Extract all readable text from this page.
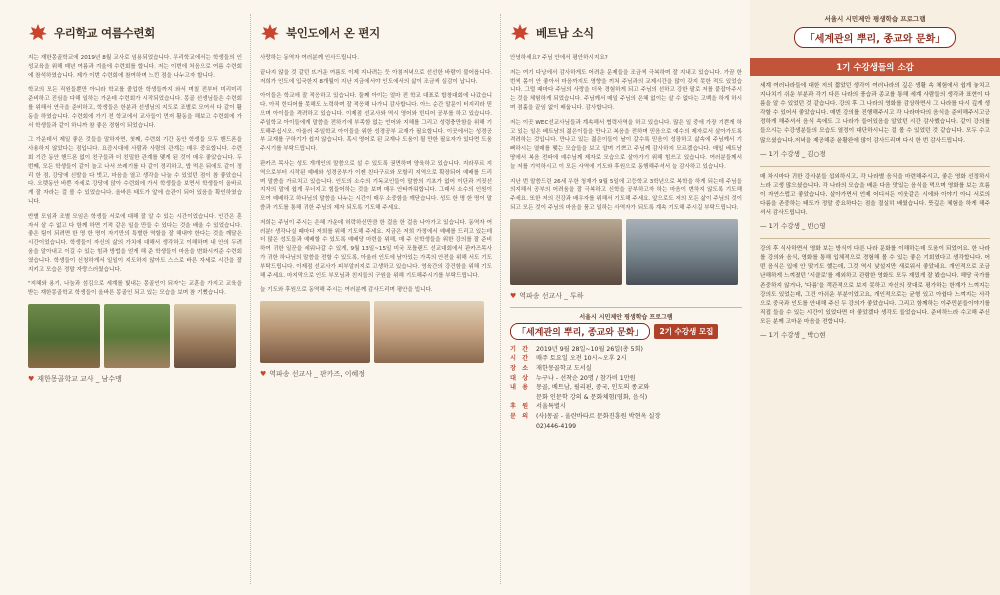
우리학교 여름수련회

지는 재한몽골학교에 2019년 8월 교사로 임용되었습니다. 우리학교에서는 학생들의 인성교육을 위해 매년 여름과 겨울에 수련회를 합니다. 저는 이번에 처음으로 여름 수련회에 참석하였습니다. 제가 이번 수련회에 참여하며 느낀 점을 나누고자 합니다.

학교의 모든 직원들뿐만 아니라 학교를 졸업한 학생들까지 와서 며칠 전부터 미리미리 준비하고 진심을 다해 일하는 가운데 수련회가 시작되었습니다. 몽골 선생님들은 수련회를 위해서 연극을 준비하고, 학생들은 한분과 선생님의 지도로 조별로 모여서 다 같이 활동을 하였습니다. 수련회에 가기 전 학교에서 교사들이 먼저 활동을 해보고 수련회에 가서 학생들과 같이 하니까 참 좋은 경험이 되었습니다.

그 가운데서 제일 좋은 것들을 말하자면, 첫째, 수련회 기간 동안 학생들 모두 핸드폰을 사용하지 않았다는 점입니다. 요즘시대에 사람과 사람의 관계는 매우 중요합니다. 수련회 기간 동안 핸드폰 없이 친구들과 더 친밀한 관계를 맺게 된 것이 매우 좋았습니다. 두 번째, 모든 학생들이 같이 놀고 나서 쓰레기를 다 같이 정리하고, 밥 먹은 뒤에도 같이 정리 한 점, 강당에 신발을 다 벗고, 마음을 열고 생각을 나눌 수 있었던 점이 참 좋았습니다. 오랫동안 바쁜 자세로 강당에 앉아 수련회에 가서 학생들을 보면서 학생들이 올바르게 잘 자라는 걸 볼 수 있었습니다. 올바른 태도가 앞에 습관이 되어 있음을 확인하였습니다.

반별 모임과 조별 모임은 학생들 서로에 대해 잘 알 수 있는 시간이었습니다. 인간은 혼자서 살 수 없고 다 함께 하면 기적 같은 일을 만들 수 있다는 것을 배울 수 있었습니다. 좋은 팀이 되려면 한 명 한 명이 자기만의 특별한 역할을 잘 해내야 한다는 것을 깨달은 시간이었습니다. 학생들이 자신의 삶의 가치에 대해서 생각하고 이해하며 내 안의 두려움을 알아내고 이길 수 있는 힘과 방법을 얻게 해 준 학생들이 마음을 변화시켜준 수련회였습니다. 학생들이 신청하게서 일일이 지도하지 않아도 스스로 바른 자세로 시간을 잘 지키고 모습은 정말 자랑스러웠습니다.

"지혜와 용기, 나눔과 섬김으로 세계를 빛내는 몽골인이 되자"는 교훈을 가지고 교육을 받는 재한몽골학교 학생들이 올바른 몽골인 되고 있는 모습을 보며 참 기뻤습니다.

♥ 재한몽골학교 교사 _ 남수맹
북인도에서 온 편지

사랑하는 동역자 여러분께 인사드립니다.

끝나지 않을 것 같던 뜨거운 여름도 이제 지나려는 듯 아침저녁으로 선선한 바람이 불어옵니다. 저희가 인도에 입국한지 8개월이 지난 지금에서야 인도에서의 삶이 조금씩 실감이 납니다.

아이들은 학교에 잘 적응하고 있습니다. 둘째 아이는 얼마 전 학교 대표로 합창대회에 나갔습니다. 아직 힌디어를 못해도 노력하며 잘 적응해 나가니 감사합니다. 아느 순간 말문이 터지리라 믿으며 아이들을 격려하고 있습니다. 이제점 선교사와 역시 영어와 힌디어 공부를 하고 있습니다. 주일학교 아이들에게 말씀을 전하기에 부족함 없는 언어와 지혜를 그리고 성령충만함을 위해 기도해주십시오. 아울러 주일학교 아이들을 위한 성경공부 교재가 필요합니다. 이곳에서는 성경공부 교재를 구하기가 쉽지 않습니다. 혹시 영어로 된 교재나 도움이 될 만한 필요자가 있다면 도움주시기를 부탁드립니다.

판카즈 목사는 성도 개개인의 말씀으로 설 수 있도록 권면하며 양육하고 있습니다. 지라푸르 지역으로부터 시작된 예배와 성경공부가 이젠 친다구르와 모할리 지역으로 확장되어 예배를 드리며 말씀을 가르치고 있습니다. 인도의 소수의 기독교인들이 말씀의 기초가 없어 이단과 거짓선지자의 말에 쉽게 무너지고 힘들어하는 것을 보며 매우 안타까워합니다. 그래서 소수의 인원이 모여 예배하고 하나님의 말씀을 나누는 시간이 매우 소중함을 깨닫습니다. 성도 한 명 한 명이 말씀과 기도를 통해 귀한 주님의 제자 되도록 기도해 주세요.

저희는 주님이 주시는 은혜 가운데 허락하신만큼 한 걸음 한 걸음 나아가고 있습니다. 동역자 여러분! 생각나실 때마다 저희를 위해 기도해 주세요. 지금은 저희 가정에서 예배를 드리고 있는데 더 많은 성도들과 예배할 수 있도록 예배당 마련을 위해, 매 주 신학생들을 위한 강의를 잘 준비하여 귀한 일꾼을 세워나갈 수 있게, 9월 13일~15일 미국 포틀랜드 선교대회에서 판카즈목사가 귀한 하나님의 말씀을 전할 수 있도록, 아울러 인도에 남아있는 가족의 안전을 위해 서도 기도 부탁드립니다. 이제점 선교사가 피부알러지로 고생하고 있습니다. 영육간의 강건함을 위해 기도해 주세요. 마지막으로 인도 부모님과 친지들의 구원을 위해 기도해주시기를 부탁드립니다.

늘 기도와 후원으로 동역해 주시는 여러분께 감사드리며 평안을 빕니다.

♥ 역파송 선교사 _ 판카즈, 이혜정
베트남 소식

안녕하세요? 주님 안에서 평안하시지요?

저는 여기 다낭에서 감사하게도 어려운 문제들을 조금씩 극복하며 잘 지내고 있습니다. 가끔 한 번씩 몸이 안 좋아서 마음까지도 영향을 끼쳐 주님과의 교제시간을 많이 갖지 못한 적도 있었습니다. 그럴 때마다 주님의 사랑을 더욱 경험하게 되고 주님의 선하고 강한 팔로 저를 붙잡아주시는 것을 체험하게 되었습니다. 주님께서 매일 주님의 은혜 없이는 살 수 없다는 고백을 하게 하시며 겸훌을 끝임 없이 배웁니다. 감사합니다.

저는 이곳 WEC선교사님들과 계속해서 협력사역을 하고 있습니다. 많은 일 중에 가장 기쁜게 하고 있는 일은 베트남의 젊은이들을 만나고 복음을 전하며 믿음으로 예수의 제자로서 살아가도록 격려하는 것입니다. 만나고 있는 젊은이들이 날이 갈수록 믿음이 성장하고 삶속에 주님께서 기뻐하시는 열매를 맺는 모습들을 보고 알며 기쁘고 주님께 감사하지 모르겠습니다. 매일 베트남 땅에서 복음 전파에 예수님께 제자로 모습으로 살아가기 위해 힘쓰고 있습니다. 여러분들께서 늘 저를 기억하시고 이 모든 사역에 기도와 후원으로 동행해주셔서 늘 감사하고 있습니다.

지난 번 말씀드린 26세 우한 청재가 9월 5일에 고등학교 3학년으로 복학을 하게 되는데 주님을 의지해서 공부의 어려움을 잘 극복하고 신학을 공부하고자 하는 마음이 변하지 않도록 기도해 주세요. 또한 저의 건강과 배우자를 위해서 기도해 주세요. 앞으로도 저의 모든 삶이 주님의 것이 되고 모든 것이 주님의 마음을 품고 일하는 사역자가 되도록 계속 기도해 주시길 부탁드립니다.

♥ 역파송 선교사 _ 투하
서울시 시민제안 평생학습 프로그램
「세계관의 뿌리, 종교와 문화」	2기 수강생 모집
기 간 2019년 9월 28일~10월 26일(총 5회)
시 간 매주 토요일 오전 10시~오후 2시
장 소 재한몽골학교 도서실
대 상 누구나 - 선착순 20명 / 참가비 1만원
내 용 몽골, 베트남, 필리핀, 중국, 인도의 종교와
문화 인문학 강의 & 문화체험(영화, 음식)
후 원 서울특별시
문 의 (사)몽골 - 울란바타르 문화진흥원 박현옥 실장
02)446-4199
서울시 시민제안 평생학습 프로그램
「세계관의 뿌리, 종교와 문화」
1기 수강생들의 소감
세계 여러나라들에 대한 저의 짧았던 생각이 여러나라의 깊은 생활 속 체험에서 쉽게 놓치고 지나치기 쉬운 부분과 각기 다른 나라의 풍습과 종교를 통해 세계 사람들의 생각과 표현이 다름을 알 수 있었던 것 같습니다. 강의 후 그 나라의 영화를 감상하면서 그 나라를 다시 깊게 생각할 수 있어서 좋았습니다. 매번 강의를 진행해주시고 각 나라마다의 음식을 준비해주시고긍정하게 해주셔서 음식 속에도 그 나라가 들어있음을 알았던 시간 감사했습니다. 같이 강의를 들으시는 수강생분들의 모습도 열정이 대단하시니는 걸 볼 수 있었던 것 같습니다. 모두 수고 많으셨습니다.저녁을 제공해준 윤활완에 많이 감사드리며 다시 한 번 감사드립니다.
— 1기 수강생 _ 김○경
매 차시마다 귀한 강사분들 섭외하시고, 각 나라별 음식을 마련해주시고, 좋은 영화 선정하시느라 고생 많으셨습니다. 각 나라의 모습을 배운 다음 맛있는 음식을 먹으며 영화를 보는 흐름이 자연스럽고 좋았습니다. 살아가면서 언제 어디서든 이웃같은 시에와 이야기 아니 서로의 다름을 존중하는 태도가 정말 중요하다는 점을 절실히 배웠습니다. 뜻깊은 체험을 하게 해주셔서 감사드립니다.
— 1기 수강생 _ 빈○영
강의 후 식사하면서 영화 보는 방식이 다른 나라 문화를 이해하는데 도움이 되었어요. 한 나라를 강의와 음식, 영화를 통해 입체적으로 경험해 볼 수 있는 좋은 기회였다고 생각합니다. 어떤 음식은 입에 안 맞기도 했는데, 그것 역시 낯설지만 새로워서 좋았네요. 개인적으로 조금 난해하게 느껴졌던 '시클로'를 재외하고 관람한 영화도 모두 재밌게 잘 봤습니다. 해당 국가를 존중하지 않거나, '다름'을 객관적으로 보지 못하고 자신의 잣대로 평가하는 한계가 느껴지는 강의도 있었는데, 그건 아쉬운 부분이었고요, 개인적으로는 균형 있고 아쉽다 느껴지는 사각으로 중국과 인도를 안내해 주신 두 강의가 좋았습니다. 그리고 함께하는 이주민분들이야기를 직접 들을 수 있는 시간이 있었다면 더 좋았겠다 생각도 들었습니다. 준비하느라 수고해 주신 모든 분께 고마운 마음을 전합니다.
— 1기 수강생 _ 박○현
